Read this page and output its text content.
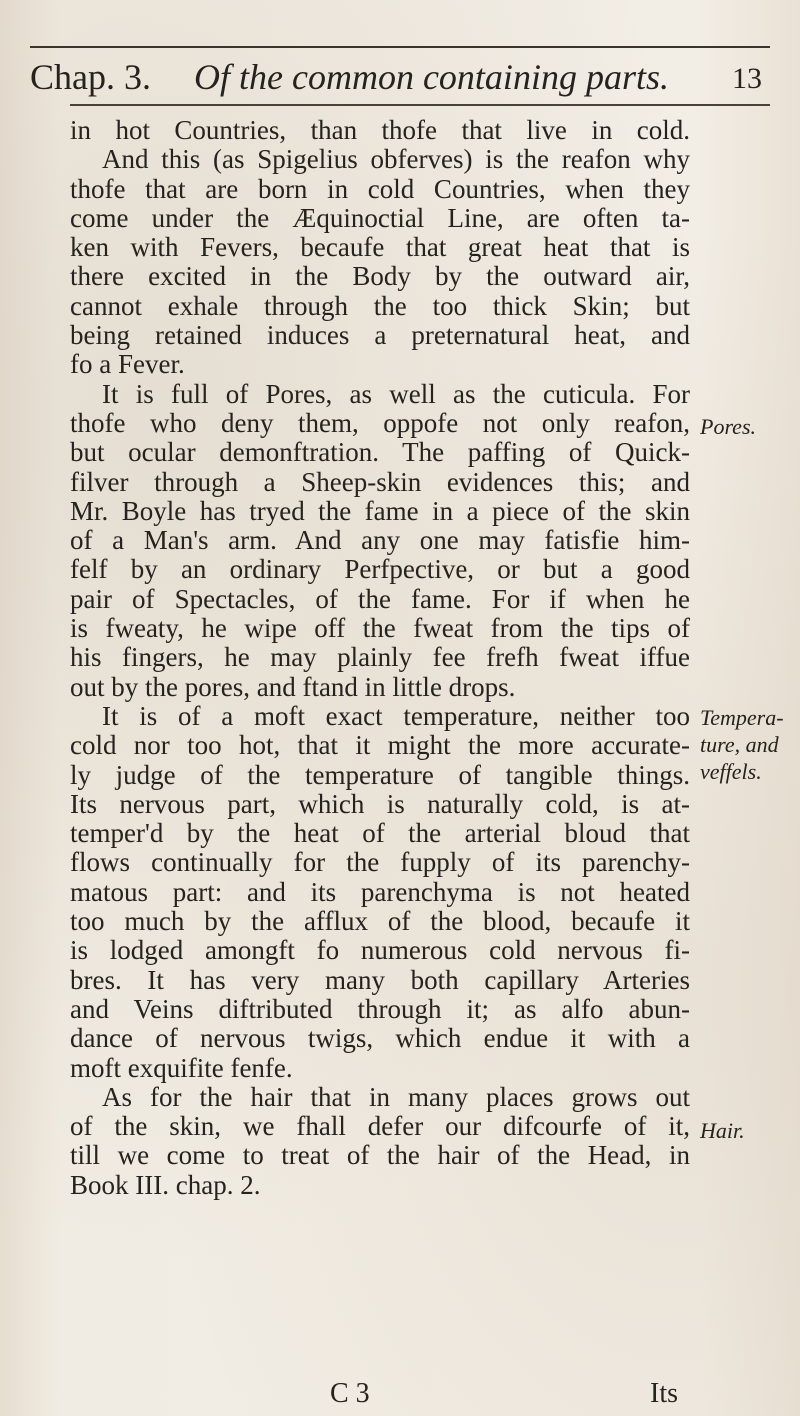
Chap. 3. Of the common containing parts. 13
in hot Countries, than thofe that live in cold.
And this (as Spigelius obferves) is the reafon why
thofe that are born in cold Countries, when they
come under the Æquinoctial Line, are often ta-
ken with Fevers, becaufe that great heat that is
there excited in the Body by the outward air,
cannot exhale through the too thick Skin; but
being retained induces a preternatural heat, and
fo a Fever.
It is full of Pores, as well as the cuticula. For
thofe who deny them, oppofe not only reafon,
but ocular demonftration. The paffing of Quick-
filver through a Sheep-skin evidences this; and
Mr. Boyle has tryed the fame in a piece of the skin
of a Man's arm. And any one may fatisfie him-
felf by an ordinary Perfpective, or but a good
pair of Spectacles, of the fame. For if when he
is fweaty, he wipe off the fweat from the tips of
his fingers, he may plainly fee frefh fweat iffue
out by the pores, and ftand in little drops.
It is of a moft exact temperature, neither too
cold nor too hot, that it might the more accurate-
ly judge of the temperature of tangible things.
Its nervous part, which is naturally cold, is at-
temper'd by the heat of the arterial bloud that
flows continually for the fupply of its parenchy-
matous part: and its parenchyma is not heated
too much by the afflux of the blood, becaufe it
is lodged amongft fo numerous cold nervous fi-
bres. It has very many both capillary Arteries
and Veins diftributed through it; as alfo abun-
dance of nervous twigs, which endue it with a
moft exquifite fenfe.
As for the hair that in many places grows out
of the skin, we fhall defer our difcourfe of it,
till we come to treat of the hair of the Head, in
Book III. chap. 2.
Pores.
Tempera-
ture, and
veffels.
Hair.
C 3	Its
